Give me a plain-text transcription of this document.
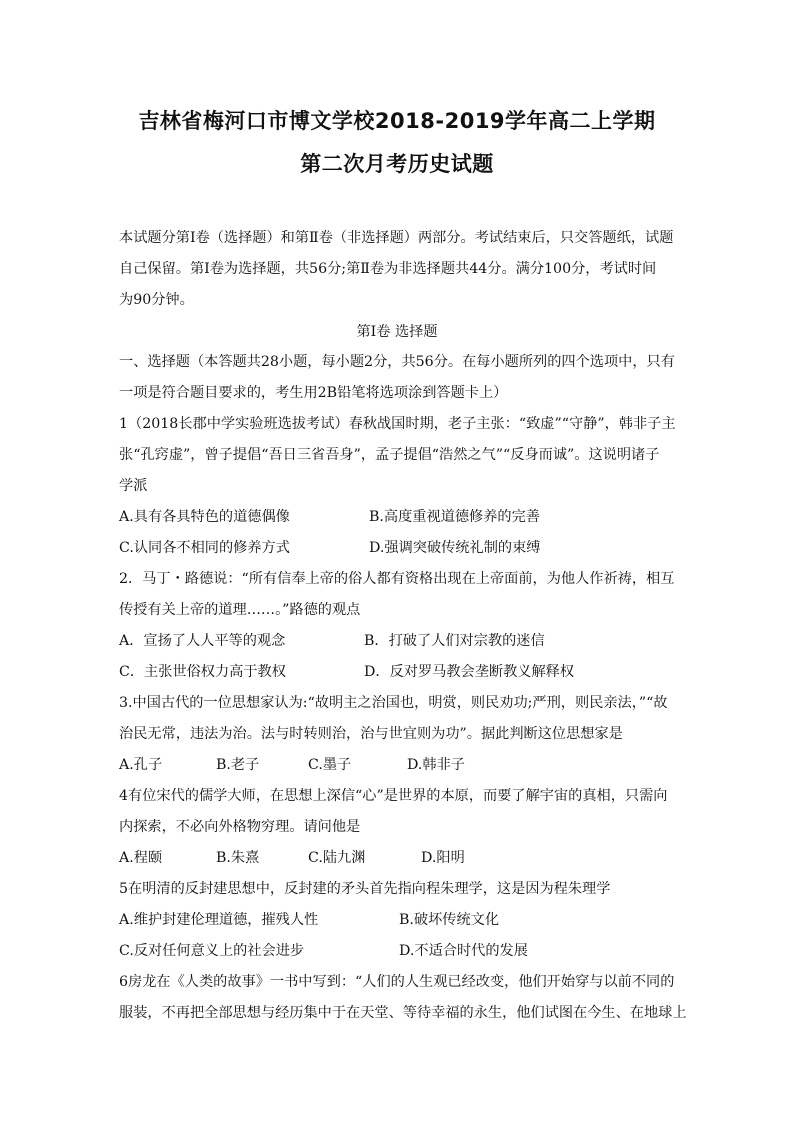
吉林省梅河口市博文学校2018-2019学年高二上学期
第二次月考历史试题
本试题分第Ⅰ卷（选择题）和第Ⅱ卷（非选择题）两部分。考试结束后，只交答题纸，试题
自己保留。第Ⅰ卷为选择题，共56分;第Ⅱ卷为非选择题共44分。满分100分，考试时间
为90分钟。
第Ⅰ卷 选择题
一、选择题（本答题共28小题，每小题2分，共56分。在每小题所列的四个选项中，只有
一项是符合题目要求的，考生用2B铅笔将选项涂到答题卡上）
1（2018长郡中学实验班选拔考试）春秋战国时期，老子主张：“致虚”“守静”，韩非子主
张“孔窍虚”，曾子提倡“吾日三省吾身”，孟子提倡“浩然之气”“反身而诚”。这说明诸子
学派
A.具有各具特色的道德偶像	B.高度重视道德修养的完善
C.认同各不相同的修养方式	D.强调突破传统礼制的束缚
2．马丁・路德说：“所有信奉上帝的俗人都有资格出现在上帝面前，为他人作祈祷，相互
传授有关上帝的道理……。”路德的观点
A．宣扬了人人平等的观念	B．打破了人们对宗教的迷信
C．主张世俗权力高于教权	D．反对罗马教会垄断教义解释权
3.中国古代的一位思想家认为:“故明主之治国也，明赏，则民劝功;严刑，则民亲法，”“故
治民无常，违法为治。法与时转则治，治与世宜则为功”。据此判断这位思想家是
A.孔子	B.老子	C.墨子	D.韩非子
4有位宋代的儒学大师，在思想上深信“心”是世界的本原，而要了解宇宙的真相，只需向
内探索，不必向外格物穷理。请问他是
A.程颐	B.朱熹	C.陆九渊	D.阳明
5在明清的反封建思想中，反封建的矛头首先指向程朱理学，这是因为程朱理学
A.维护封建伦理道德，摧残人性	B.破坏传统文化
C.反对任何意义上的社会进步	D.不适合时代的发展
6房龙在《人类的故事》一书中写到：“人们的人生观已经改变，他们开始穿与以前不同的
服装，不再把全部思想与经历集中于在天堂、等待幸福的永生，他们试图在今生、在地球上
